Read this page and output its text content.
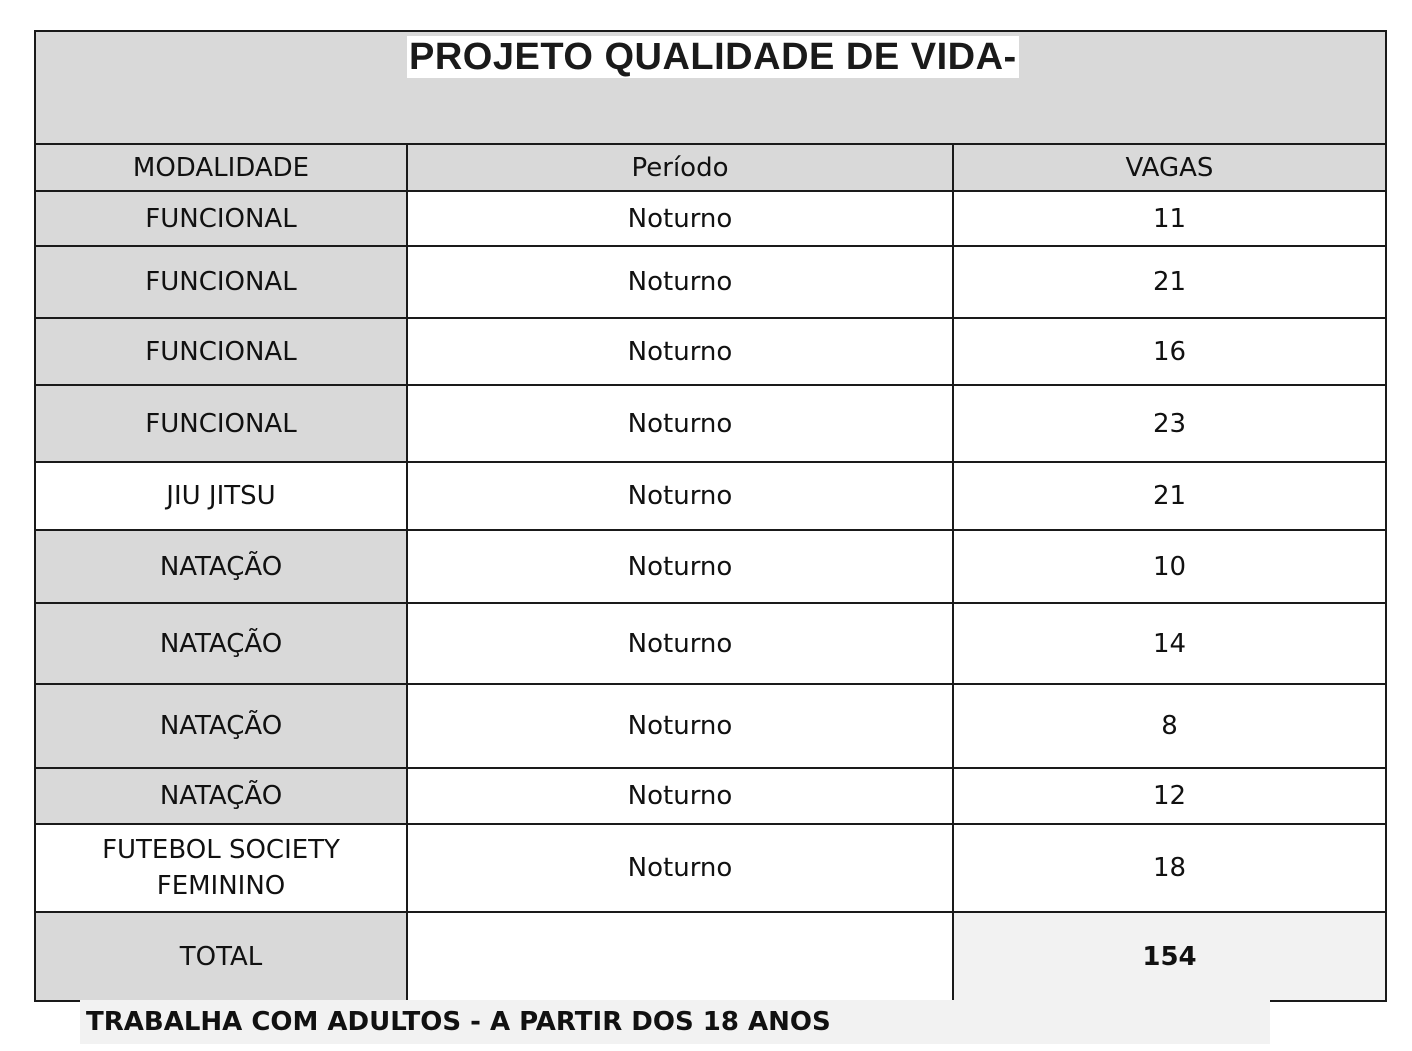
PROJETO QUALIDADE DE VIDA-
MODALIDADE	Período	VAGAS
FUNCIONAL	Noturno	11
FUNCIONAL	Noturno	21
FUNCIONAL	Noturno	16
FUNCIONAL	Noturno	23
JIU JITSU	Noturno	21
NATAÇÃO	Noturno	10
NATAÇÃO	Noturno	14
NATAÇÃO	Noturno	8
NATAÇÃO	Noturno	12

FUTEBOL SOCIETY
FEMININO	Noturno	18
TOTAL		154
TRABALHA COM ADULTOS - A PARTIR DOS 18 ANOS
